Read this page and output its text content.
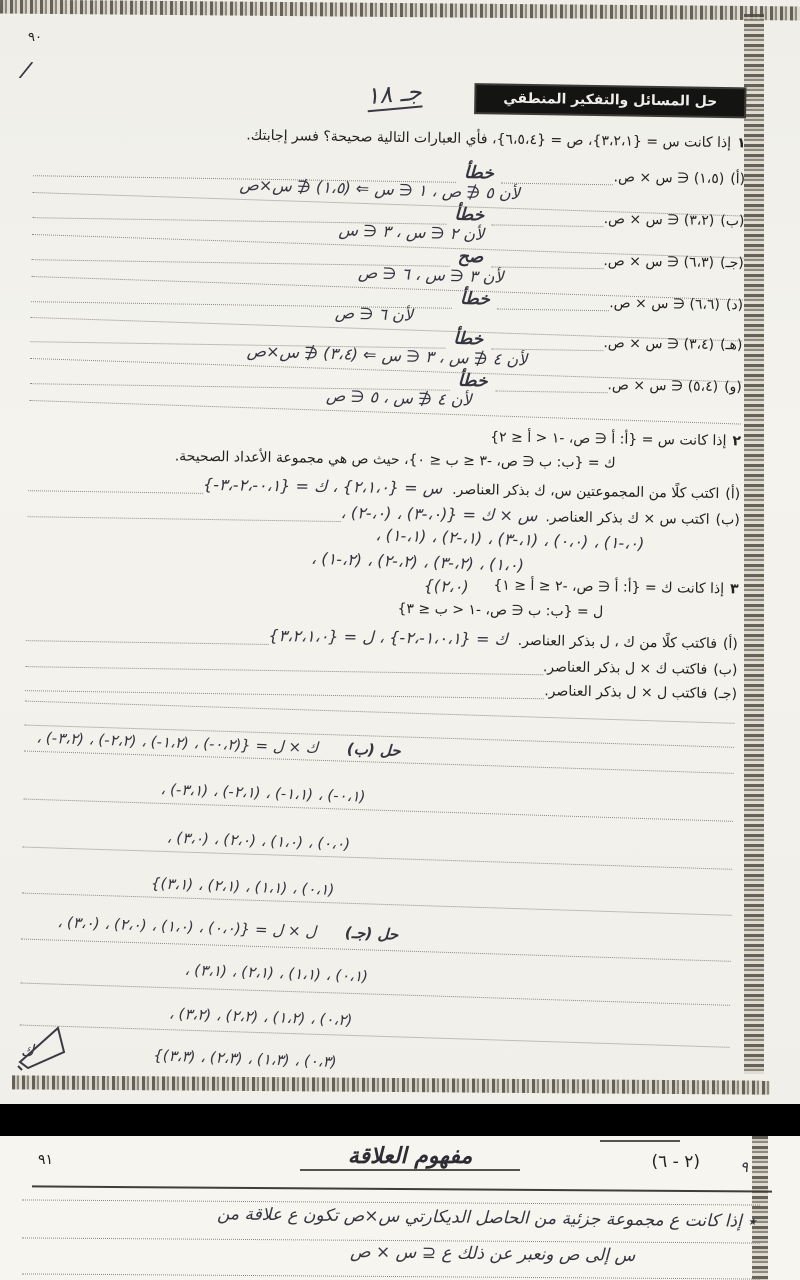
٩٠
/
جـ ١٨	حل المسائل والتفكير المنطقي
١
إذا كانت س = {٣،٢،١}، ص = {٦،٥،٤}، فأي العبارات التالية صحيحة؟ فسر إجابتك.
(أ)
(١،٥) ∈ س × ص.
خطأ
لأن ٥ ∉ ص ، ١ ∈ س ⇐ (١،٥) ∉ س×ص
(ب)
(٣،٢) ∈ س × ص.
خطأ
لأن ٢ ∈ س ، ٣ ∈ س
(جـ)
(٦،٣) ∈ س × ص.
صح
لأن ٣ ∈ س ، ٦ ∈ ص
(د)
(٦،٦) ∈ س × ص.
خطأ
لأن ٦ ∈ ص
(هـ)
(٣،٤) ∈ س × ص.
خطأ
لأن ٤ ∉ س ، ٣ ∈ س ⇐ (٣،٤) ∉ س×ص
(و)
(٥،٤) ∈ س × ص.
خطأ
لأن ٤ ∉ س ، ٥ ∈ ص
٢
إذا كانت س = {أ: أ ∈ ص، -١ < أ ≤ ٢}
ك = {ب: ب ∈ ص، -٣ ≤ ب ≤ ٠}، حيث ص هي مجموعة الأعداد الصحيحة.
(أ)
اكتب كلًا من المجموعتين س، ك بذكر العناصر.
س = {٢،١،٠} ، ك = {٠،١-،٢-،٣-}
(ب)
اكتب س × ك بذكر العناصر.
س × ك = {(٠،-٣) ، (٠،-٢) ،
(٠،-١) ، (٠،٠) ، (١،-٣) ، (١،-٢) ، (١،-١) ،
(١،٠) ، (٢،-٣) ، (٢،-٢) ، (٢،-١) ،
(٢،٠)}	٣
إذا كانت ك = {أ: أ ∈ ص، -٢ ≤ أ ≤ ١}
ل = {ب: ب ∈ ص، -١ < ب ≤ ٣}
(أ)
فاكتب كلًا من ك ، ل بذكر العناصر.
ك = {١،٠،١-،٢-} ، ل = {٣،٢،١،٠}
(ب)
فاكتب ك × ل بذكر العناصر.
(جـ)
فاكتب ل × ل بذكر العناصر.
حل (ب) ك × ل = {(٠،٢-) ، (١،٢-) ، (٢،٢-) ، (٣،٢-) ،
(٠،١-) ، (١،١-) ، (٢،١-) ، (٣،١-) ،
(٠،٠) ، (١،٠) ، (٢،٠) ، (٣،٠) ،
(٠،١) ، (١،١) ، (٢،١) ، (٣،١)}
حل (جـ) ل × ل = {(٠،٠) ، (١،٠) ، (٢،٠) ، (٣،٠) ،
(٠،١) ، (١،١) ، (٢،١) ، (٣،١) ،
(٠،٢) ، (١،٢) ، (٢،٢) ، (٣،٢) ،
(٠،٣) ، (١،٣) ، (٢،٣) ، (٣،٣)}
ك
٩
(٢ - ٦)
مفهوم العلاقة
٩١
٭ إذا كانت ع مجموعة جزئية من الحاصل الديكارتي س×ص تكون ع علاقة من
س إلى ص ونعبر عن ذلك ع ⊆ س × ص
